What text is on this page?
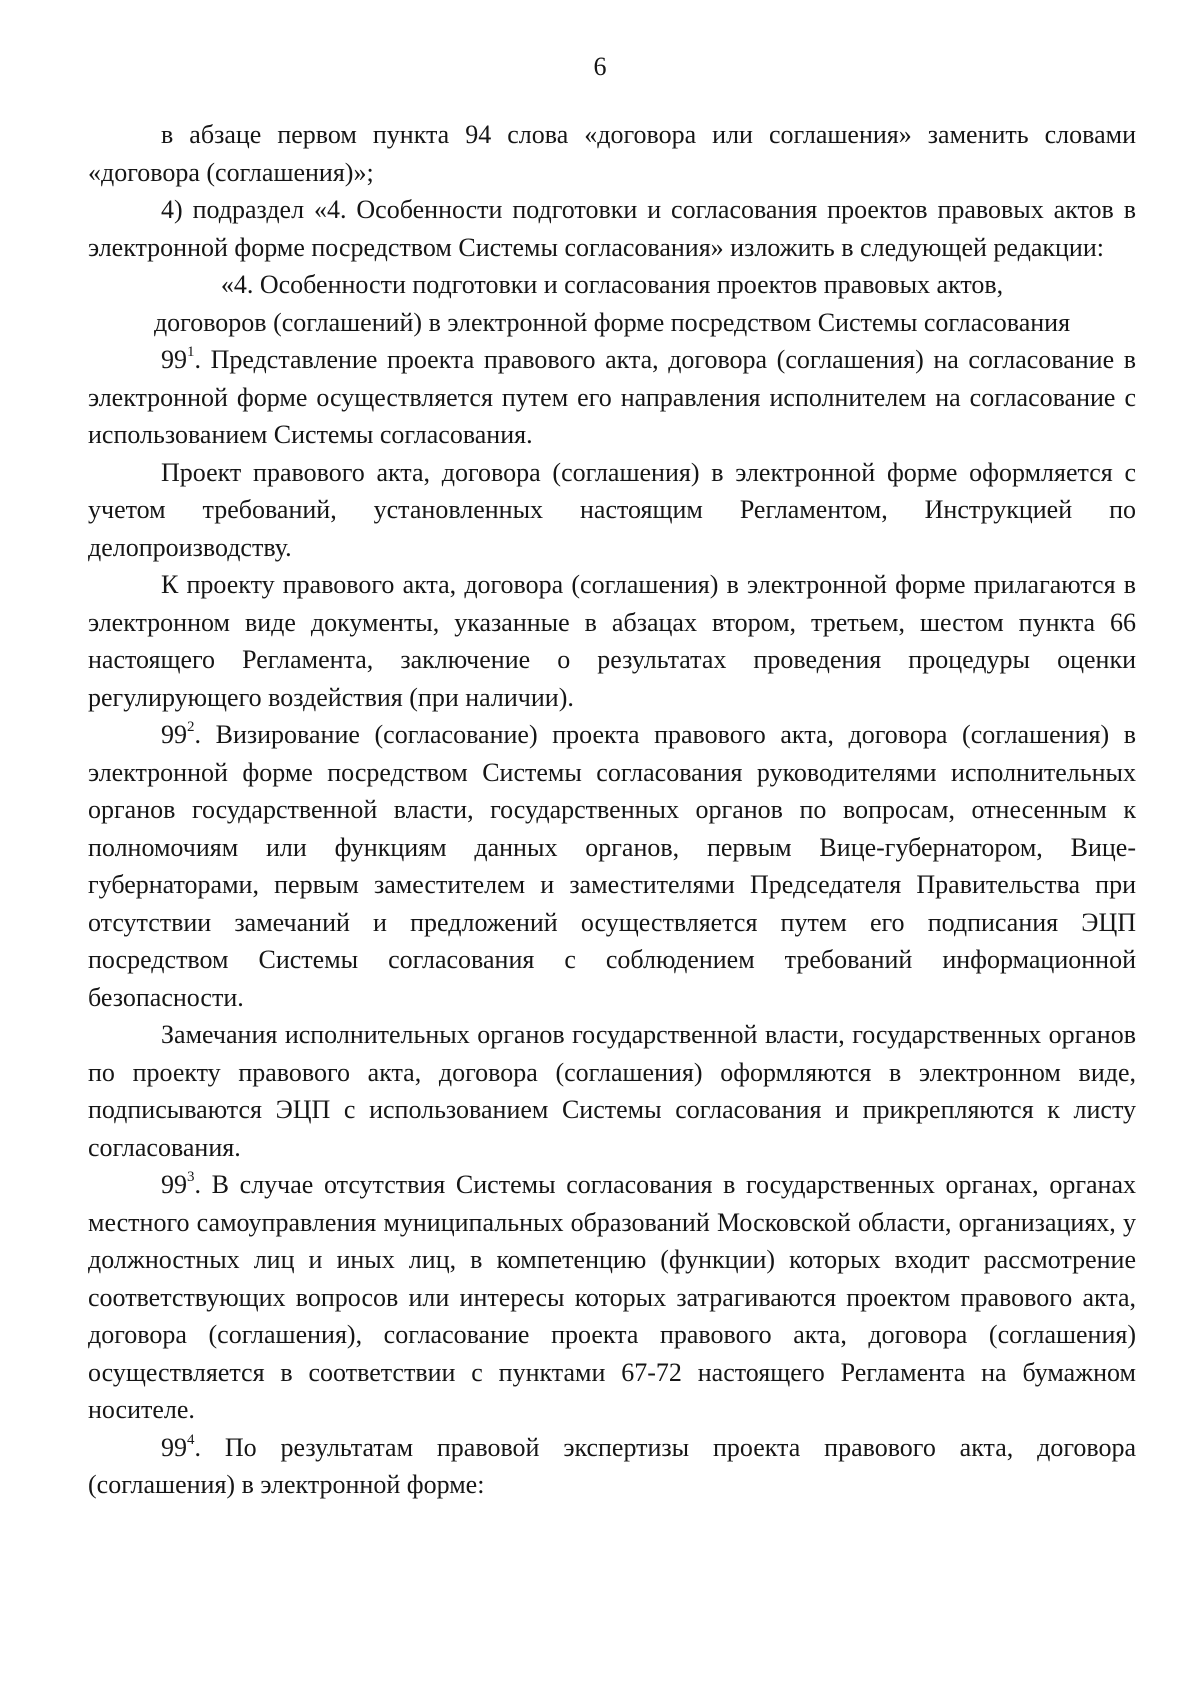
6

в абзаце первом пункта 94 слова «договора или соглашения» заменить словами «договора (соглашения)»;

4) подраздел «4. Особенности подготовки и согласования проектов правовых актов в электронной форме посредством Системы согласования» изложить в следующей редакции:

«4. Особенности подготовки и согласования проектов правовых актов,
договоров (соглашений) в электронной форме посредством Системы согласования

$99^1$. Представление проекта правового акта, договора (соглашения) на согласование в электронной форме осуществляется путем его направления исполнителем на согласование с использованием Системы согласования.

Проект правового акта, договора (соглашения) в электронной форме оформляется с учетом требований, установленных настоящим Регламентом, Инструкцией по делопроизводству.

К проекту правового акта, договора (соглашения) в электронной форме прилагаются в электронном виде документы, указанные в абзацах втором, третьем, шестом пункта 66 настоящего Регламента, заключение о результатах проведения процедуры оценки регулирующего воздействия (при наличии).

$99^2$. Визирование (согласование) проекта правового акта, договора (соглашения) в электронной форме посредством Системы согласования руководителями исполнительных органов государственной власти, государственных органов по вопросам, отнесенным к полномочиям или функциям данных органов, первым Вице-губернатором, Вице-губернаторами, первым заместителем и заместителями Председателя Правительства при отсутствии замечаний и предложений осуществляется путем его подписания ЭЦП посредством Системы согласования с соблюдением требований информационной безопасности.

Замечания исполнительных органов государственной власти, государственных органов по проекту правового акта, договора (соглашения) оформляются в электронном виде, подписываются ЭЦП с использованием Системы согласования и прикрепляются к листу согласования.

$99^3$. В случае отсутствия Системы согласования в государственных органах, органах местного самоуправления муниципальных образований Московской области, организациях, у должностных лиц и иных лиц, в компетенцию (функции) которых входит рассмотрение соответствующих вопросов или интересы которых затрагиваются проектом правового акта, договора (соглашения), согласование проекта правового акта, договора (соглашения) осуществляется в соответствии с пунктами 67-72 настоящего Регламента на бумажном носителе.

$99^4$. По результатам правовой экспертизы проекта правового акта, договора (соглашения) в электронной форме:
